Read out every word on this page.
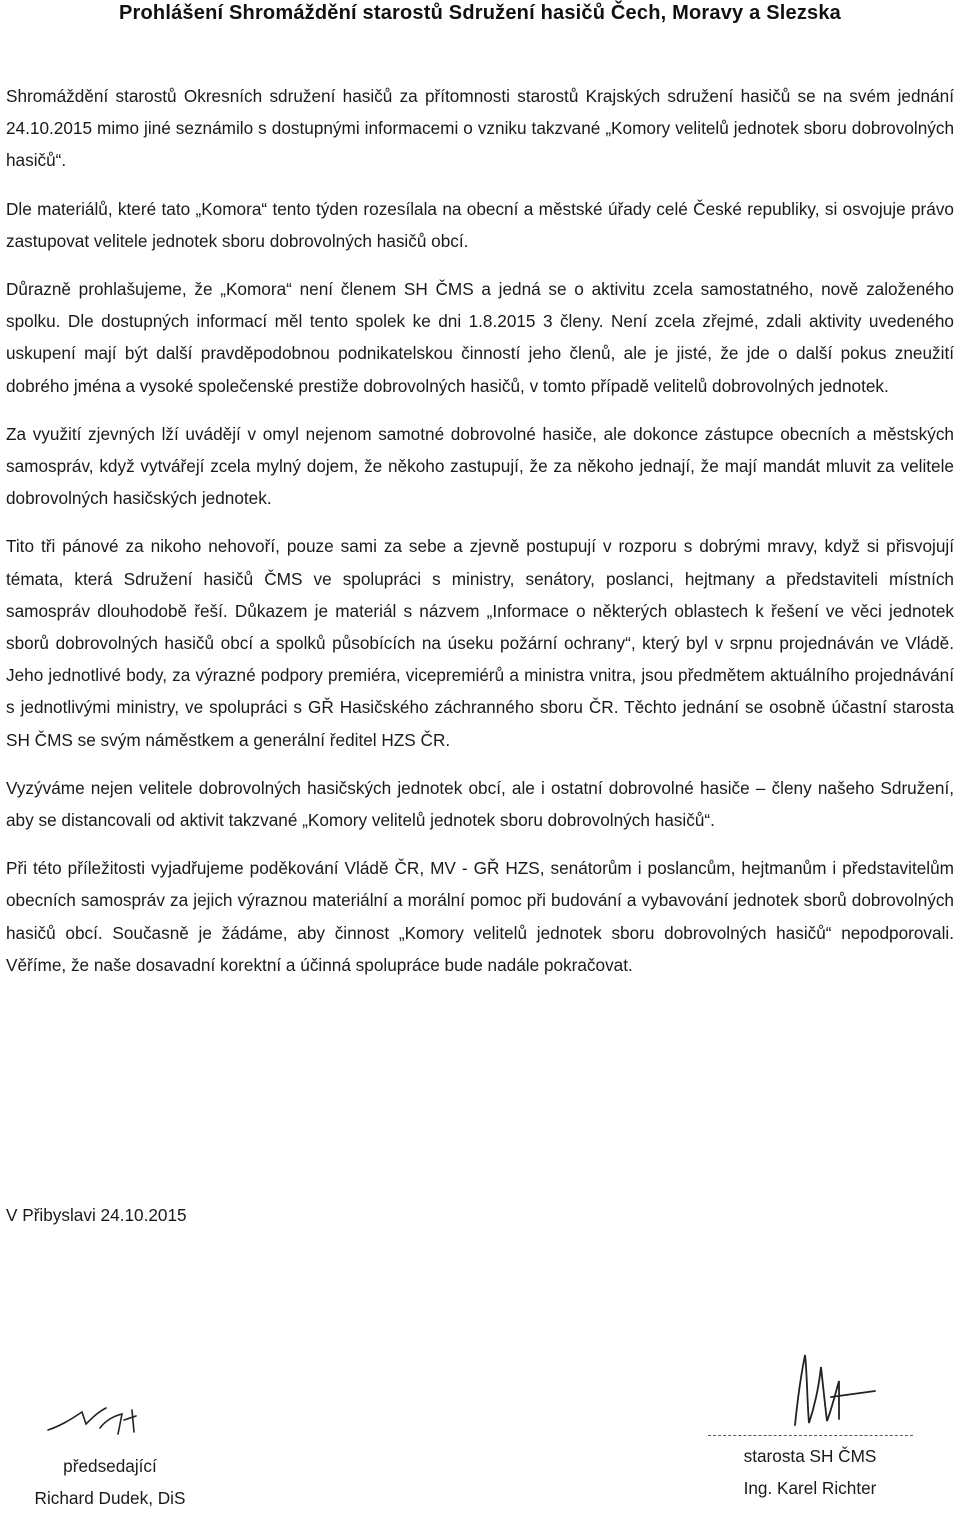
Prohlášení Shromáždění starostů Sdružení hasičů Čech, Moravy a Slezska

Shromáždění starostů Okresních sdružení hasičů za přítomnosti starostů Krajských sdružení hasičů se na svém jednání 24.10.2015 mimo jiné seznámilo s dostupnými informacemi o vzniku takzvané „Komory velitelů jednotek sboru dobrovolných hasičů“.

Dle materiálů, které tato „Komora“ tento týden rozesílala na obecní a městské úřady celé České republiky, si osvojuje právo zastupovat velitele jednotek sboru dobrovolných hasičů obcí.

Důrazně prohlašujeme, že „Komora“ není členem SH ČMS a jedná se o aktivitu zcela samostatného, nově založeného spolku. Dle dostupných informací měl tento spolek ke dni 1.8.2015 3 členy. Není zcela zřejmé, zdali aktivity uvedeného uskupení mají být další pravděpodobnou podnikatelskou činností jeho členů, ale je jisté, že jde o další pokus zneužití dobrého jména a vysoké společenské prestiže dobrovolných hasičů, v tomto případě velitelů dobrovolných jednotek.

Za využití zjevných lží uvádějí v omyl nejenom samotné dobrovolné hasiče, ale dokonce zástupce obecních a městských samospráv, když vytvářejí zcela mylný dojem, že někoho zastupují, že za někoho jednají, že mají mandát mluvit za velitele dobrovolných hasičských jednotek.

Tito tři pánové za nikoho nehovoří, pouze sami za sebe a zjevně postupují v rozporu s dobrými mravy, když si přisvojují témata, která Sdružení hasičů ČMS ve spolupráci s ministry, senátory, poslanci, hejtmany a představiteli místních samospráv dlouhodobě řeší. Důkazem je materiál s názvem „Informace o některých oblastech k řešení ve věci jednotek sborů dobrovolných hasičů obcí a spolků působících na úseku požární ochrany“, který byl v srpnu projednáván ve Vládě. Jeho jednotlivé body, za výrazné podpory premiéra, vicepremiérů a ministra vnitra, jsou předmětem aktuálního projednávání s jednotlivými ministry, ve spolupráci s GŘ Hasičského záchranného sboru ČR. Těchto jednání se osobně účastní starosta SH ČMS se svým náměstkem a generální ředitel HZS ČR.

Vyzýváme nejen velitele dobrovolných hasičských jednotek obcí, ale i ostatní dobrovolné hasiče – členy našeho Sdružení, aby se distancovali od aktivit takzvané „Komory velitelů jednotek sboru dobrovolných hasičů“.

Při této příležitosti vyjadřujeme poděkování Vládě ČR, MV - GŘ HZS, senátorům i poslancům, hejtmanům i představitelům obecních samospráv za jejich výraznou materiální a morální pomoc při budování a vybavování jednotek sborů dobrovolných hasičů obcí. Současně je žádáme, aby činnost „Komory velitelů jednotek sboru dobrovolných hasičů“ nepodporovali. Věříme, že naše dosavadní korektní a účinná spolupráce bude nadále pokračovat.

V Přibyslavi 24.10.2015

předsedající
Richard Dudek, DiS
starosta SH ČMS
Ing. Karel Richter
